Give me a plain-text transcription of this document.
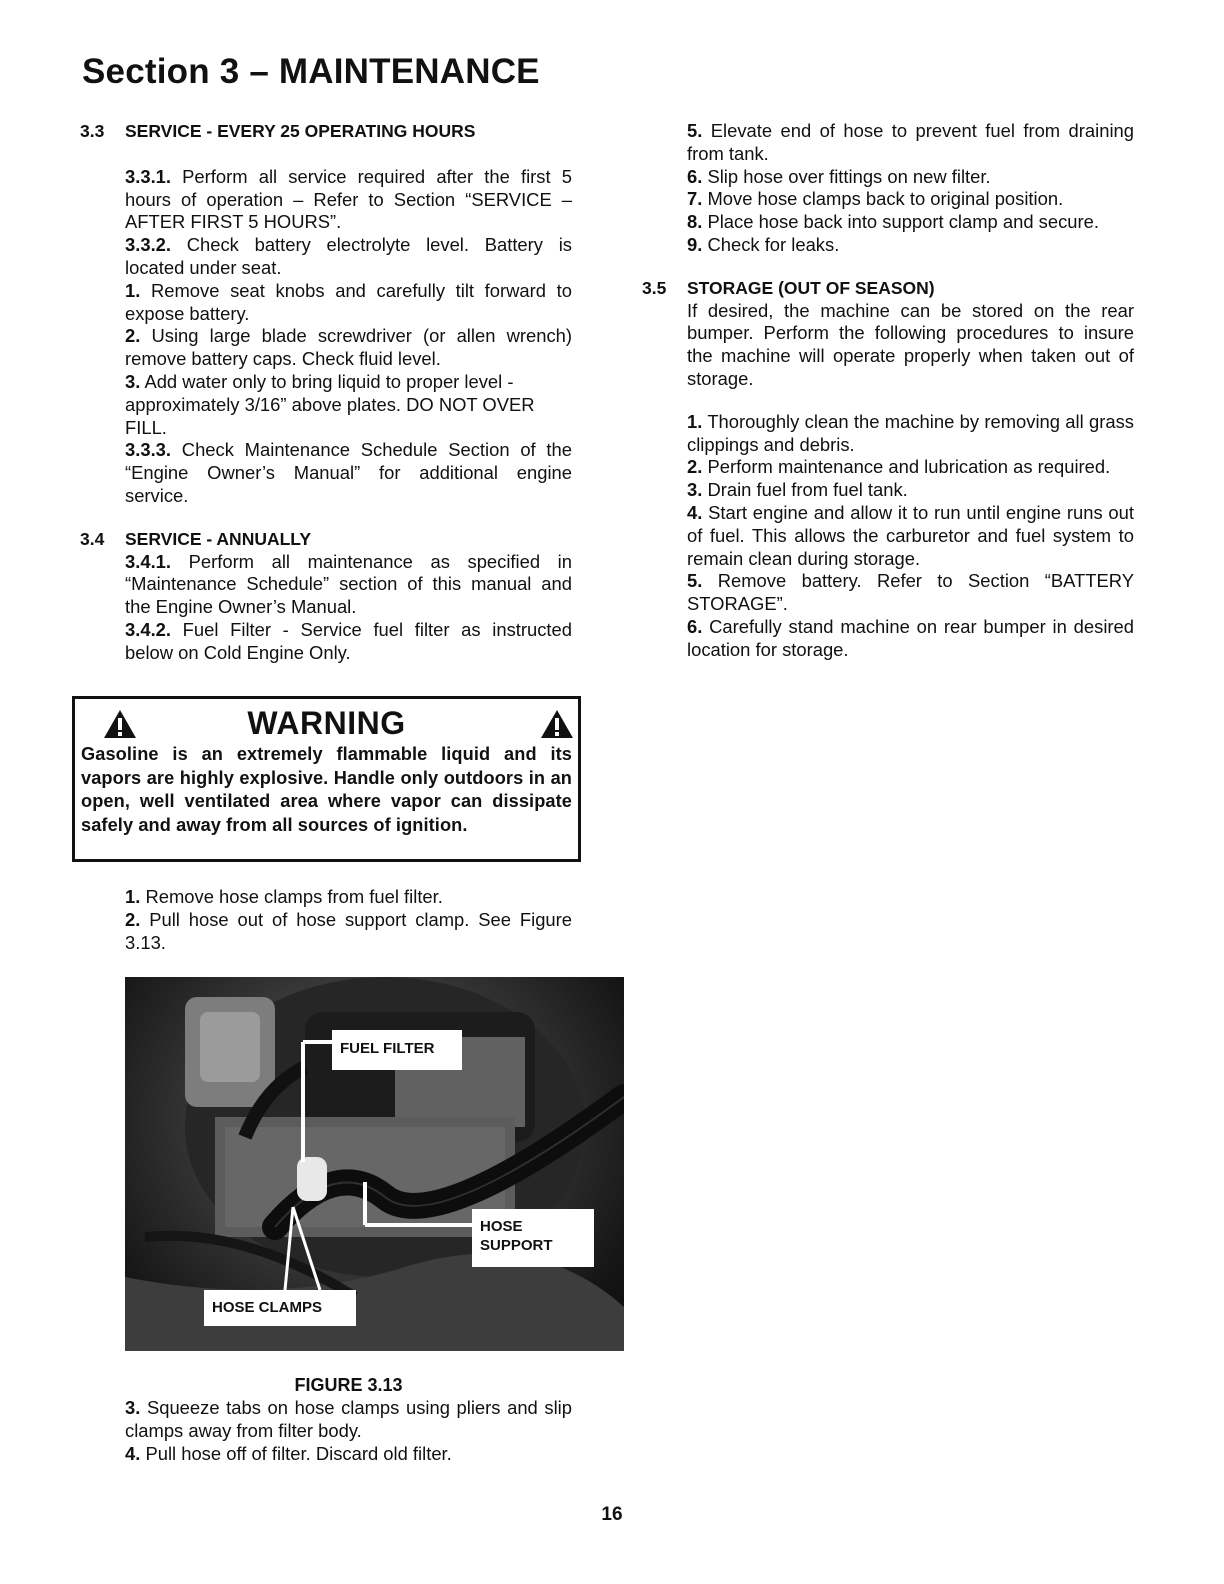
Section 3 – MAINTENANCE
3.3	SERVICE - EVERY 25 OPERATING HOURS
3.3.1. Perform all service required after the first 5 hours of operation – Refer to Section “SERVICE – AFTER FIRST 5 HOURS”.
3.3.2. Check battery electrolyte level. Battery is located under seat.
1. Remove seat knobs and carefully tilt forward to expose battery.
2. Using large blade screwdriver (or allen wrench) remove battery caps. Check fluid level.
3. Add water only to bring liquid to proper level - approximately 3/16” above plates. DO NOT OVER FILL.
3.3.3. Check Maintenance Schedule Section of the “Engine Owner’s Manual” for additional engine service.
3.4	SERVICE - ANNUALLY
3.4.1. Perform all maintenance as specified in “Maintenance Schedule” section of this manual and the Engine Owner’s Manual.
3.4.2. Fuel Filter - Service fuel filter as instructed below on Cold Engine Only.
WARNING
Gasoline is an extremely flammable liquid and its vapors are highly explosive. Handle only outdoors in an open, well ventilated area where vapor can dissipate safely and away from all sources of ignition.
1. Remove hose clamps from fuel filter.
2. Pull hose out of hose support clamp. See Figure 3.13.
FUEL FILTER
HOSE SUPPORT
HOSE CLAMPS
FIGURE 3.13
3. Squeeze tabs on hose clamps using pliers and slip clamps away from filter body.
4. Pull hose off of filter. Discard old filter.
5. Elevate end of hose to prevent fuel from draining from tank.
6. Slip hose over fittings on new filter.
7. Move hose clamps back to original position.
8. Place hose back into support clamp and secure.
9. Check for leaks.
3.5	STORAGE (OUT OF SEASON)
If desired, the machine can be stored on the rear bumper. Perform the following procedures to insure the machine will operate properly when taken out of storage.
1. Thoroughly clean the machine by removing all grass clippings and debris.
2. Perform maintenance and lubrication as required.
3. Drain fuel from fuel tank.
4. Start engine and allow it to run until engine runs out of fuel. This allows the carburetor and fuel system to remain clean during storage.
5. Remove battery. Refer to Section “BATTERY STORAGE”.
6. Carefully stand machine on rear bumper in desired location for storage.
16
